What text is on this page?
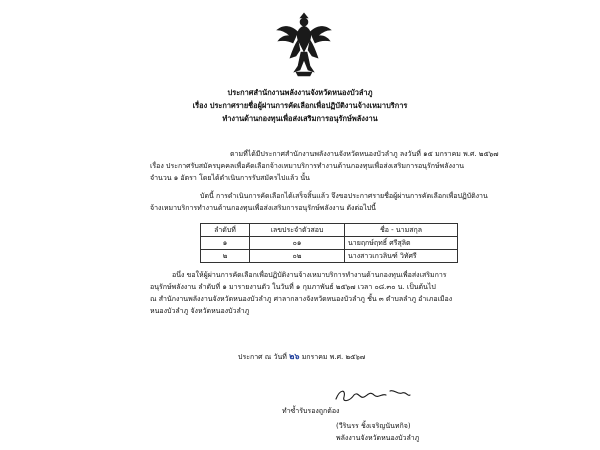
ประกาศสำนักงานพลังงานจังหวัดหนองบัวลำภู
เรื่อง ประกาศรายชื่อผู้ผ่านการคัดเลือกเพื่อปฏิบัติงานจ้างเหมาบริการ
ทำงานด้านกองทุนเพื่อส่งเสริมการอนุรักษ์พลังงาน
ตามที่ได้มีประกาศสำนักงานพลังงานจังหวัดหนองบัวลำภู ลงวันที่ ๑๕ มกราคม พ.ศ. ๒๕๖๗
เรื่อง ประกาศรับสมัครบุคคลเพื่อคัดเลือกจ้างเหมาบริการทำงานด้านกองทุนเพื่อส่งเสริมการอนุรักษ์พลังงาน
จำนวน ๑ อัตรา โดยได้ดำเนินการรับสมัครไปแล้ว นั้น
บัดนี้ การดำเนินการคัดเลือกได้เสร็จสิ้นแล้ว จึงขอประกาศรายชื่อผู้ผ่านการคัดเลือกเพื่อปฏิบัติงาน
จ้างเหมาบริการทำงานด้านกองทุนเพื่อส่งเสริมการอนุรักษ์พลังงาน ดังต่อไปนี้
ลำดับที่	เลขประจำตัวสอบ	ชื่อ - นามสกุล
๑	๐๑	นายฤกษ์ฤทธิ์ ศรีสุลิต
๒	๐๒	นางสาวเกวลินฑ์ วิทัศรี
อนึ่ง ขอให้ผู้ผ่านการคัดเลือกเพื่อปฏิบัติงานจ้างเหมาบริการทำงานด้านกองทุนเพื่อส่งเสริมการ
อนุรักษ์พลังงาน ลำดับที่ ๑ มารายงานตัว ในวันที่ ๑ กุมภาพันธ์ ๒๕๖๗ เวลา ๐๘.๓๐ น. เป็นต้นไป
ณ สำนักงานพลังงานจังหวัดหนองบัวลำภู ศาลากลางจังหวัดหนองบัวลำภู ชั้น ๓ ตำบลลำภู อำเภอเมือง
หนองบัวลำภู จังหวัดหนองบัวลำภู
ประกาศ ณ วันที่ ๒๖ มกราคม พ.ศ. ๒๕๖๗
ทำซ้ำรับรองถูกต้อง
(วีรินรร ชิ้งเจริญนันทกิจ)
พลังงานจังหวัดหนองบัวลำภู
